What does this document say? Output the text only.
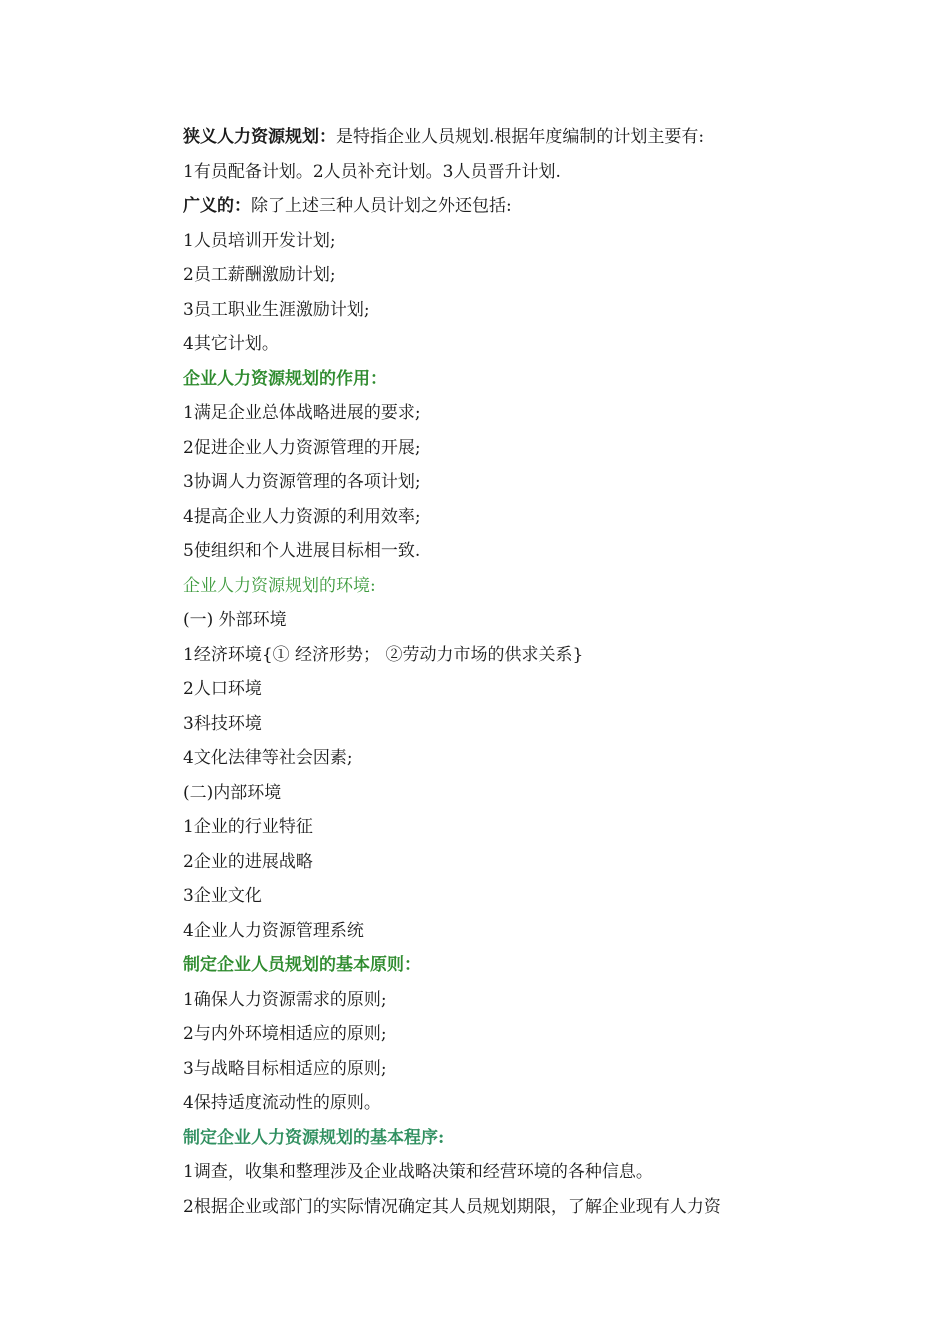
狭义人力资源规划：是特指企业人员规划.根据年度编制的计划主要有:
1有员配备计划。2人员补充计划。3人员晋升计划.
广义的：除了上述三种人员计划之外还包括:
1人员培训开发计划;
2员工薪酬激励计划;
3员工职业生涯激励计划;
4其它计划。
企业人力资源规划的作用：
1满足企业总体战略进展的要求;
2促进企业人力资源管理的开展;
3协调人力资源管理的各项计划;
4提高企业人力资源的利用效率;
5使组织和个人进展目标相一致.
企业人力资源规划的环境:
(一) 外部环境
1经济环境{① 经济形势； ②劳动力市场的供求关系}
2人口环境
3科技环境
4文化法律等社会因素;
(二)内部环境
1企业的行业特征
2企业的进展战略
3企业文化
4企业人力资源管理系统
制定企业人员规划的基本原则：
1确保人力资源需求的原则;
2与内外环境相适应的原则;
3与战略目标相适应的原则;
4保持适度流动性的原则。
制定企业人力资源规划的基本程序:
1调查，收集和整理涉及企业战略决策和经营环境的各种信息。
2根据企业或部门的实际情况确定其人员规划期限，了解企业现有人力资
